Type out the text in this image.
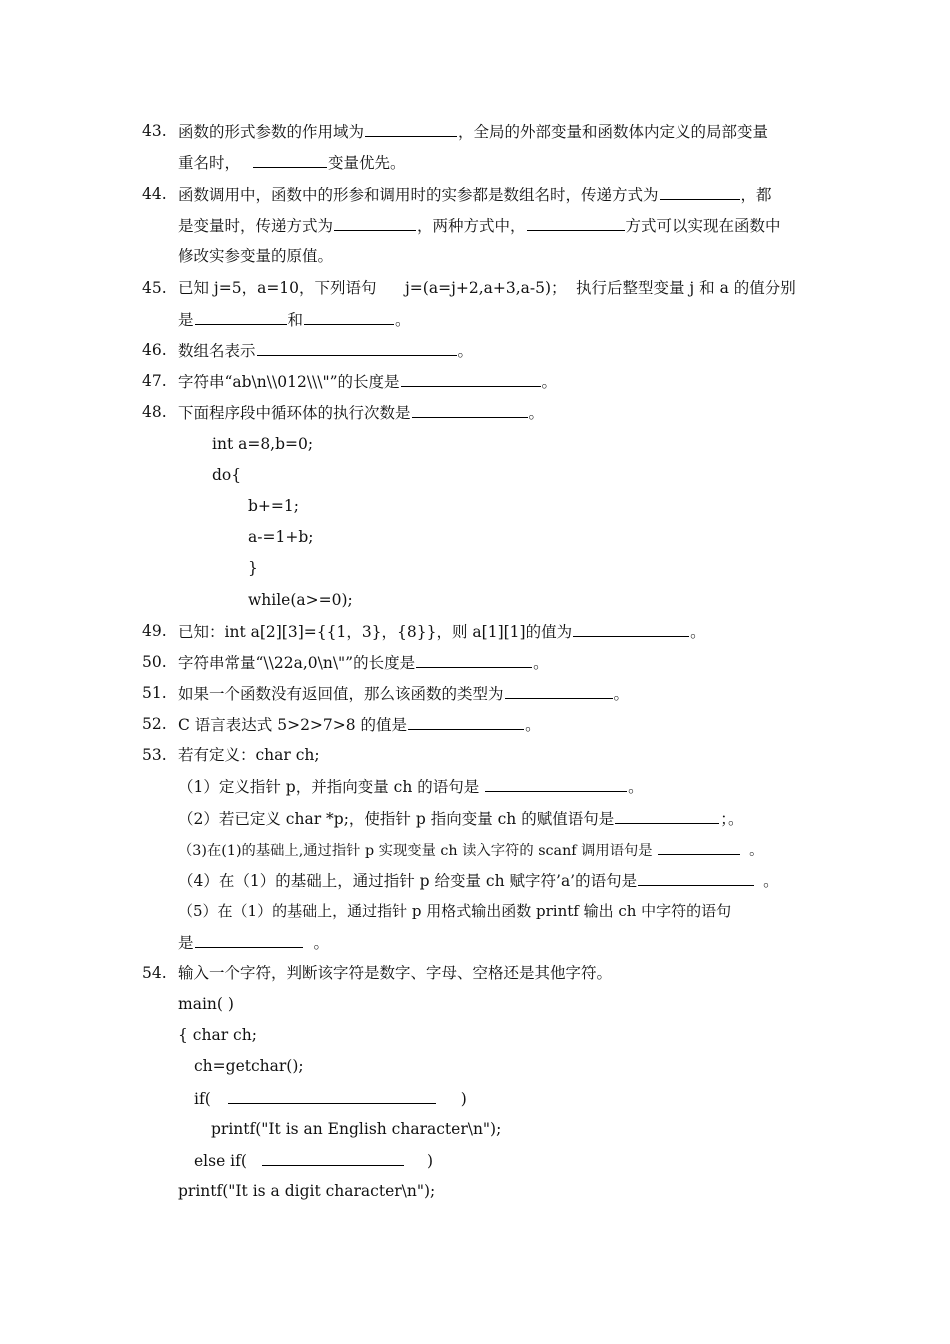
43. 函数的形式参数的作用域为	，全局的外部变量和函数体内定义的局部变量
重名时，	变量优先。
44. 函数调用中，函数中的形参和调用时的实参都是数组名时，传递方式为	，都
是变量时，传递方式为	，两种方式中，	方式可以实现在函数中
修改实参变量的原值。
45. 已知 j=5，a=10，下列语句 j=(a=j+2,a+3,a-5)； 执行后整型变量 j 和 a 的值分别
是	和	。
46. 数组名表示	。
47. 字符串“ab\n\\012\\\"”的长度是	。
48. 下面程序段中循环体的执行次数是	。
int a=8,b=0;
do{
b+=1;
a-=1+b;
}
while(a>=0);
49. 已知：int a[2][3]={{1，3}，{8}}，则 a[1][1]的值为	。
50. 字符串常量“\\22a,0\n\"”的长度是	。
51. 如果一个函数没有返回值，那么该函数的类型为	。
52. C 语言表达式 5>2>7>8 的值是	。
53. 若有定义：char ch;
（1）定义指针 p，并指向变量 ch 的语句是	。
（2）若已定义 char *p;，使指针 p 指向变量 ch 的赋值语句是	；。
（3)在(1)的基础上,通过指针 p 实现变量 ch 读入字符的 scanf 调用语句是	。
（4）在（1）的基础上，通过指针 p 给变量 ch 赋字符’a’的语句是	。
（5）在（1）的基础上，通过指针 p 用格式输出函数 printf 输出 ch 中字符的语句
是	。
54. 输入一个字符，判断该字符是数字、字母、空格还是其他字符。
main( )
{ char ch;
ch=getchar();
if(	)
printf("It is an English character\n");
else if(	)
printf("It is a digit character\n");
